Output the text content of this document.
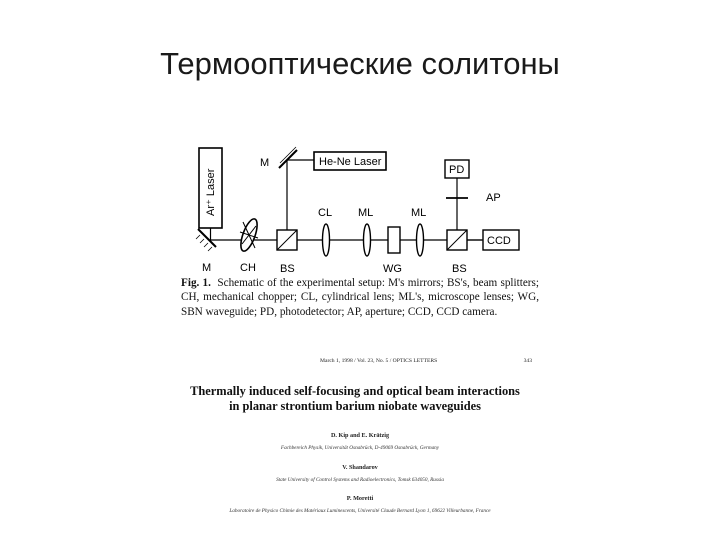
Термооптические солитоны
Ar⁺ Laser
M	CH BS
M	He-Ne Laser
CL ML
WG
ML
BS
PD
AP
CCD
Fig. 1. Schematic of the experimental setup: M's mirrors; BS's, beam splitters; CH, mechanical chopper; CL, cylindrical lens; ML's, microscope lenses; WG, SBN waveguide; PD, photodetector; AP, aperture; CCD, CCD camera.
March 1, 1998 / Vol. 23, No. 5 / OPTICS LETTERS	343
Thermally induced self-focusing and optical beam interactions
in planar strontium barium niobate waveguides
D. Kip and E. Krätzig
Fachbereich Physik, Universität Osnabrück, D-49069 Osnabrück, Germany
V. Shandarov
State University of Control Systems and Radioelectronics, Tomsk 634050, Russia
P. Moretti
Laboratoire de Physico Chimie des Matériaux Luminescents, Université Claude Bernard Lyon 1, 69622 Villeurbanne, France
